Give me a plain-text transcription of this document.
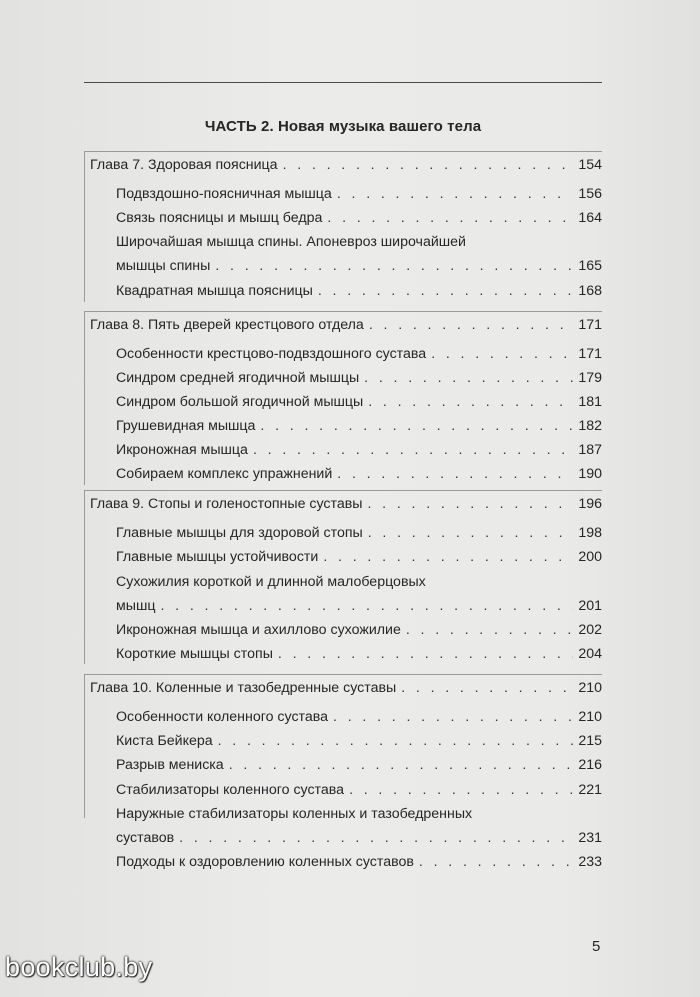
ЧАСТЬ 2. Новая музыка вашего тела
Глава 7. Здоровая поясница . . .	154
Подвздошно-поясничная мышца . . .	156
Связь поясницы и мышц бедра . . .	164
Широчайшая мышца спины. Апоневроз широчайшей
мышцы спины . . .	165
Квадратная мышца поясницы . . .	168
Глава 8. Пять дверей крестцового отдела . . .	171
Особенности крестцово-подвздошного сустава . . .	171
Синдром средней ягодичной мышцы . . .	179
Синдром большой ягодичной мышцы . . .	181
Грушевидная мышца . . .	182
Икроножная мышца . . .	187
Собираем комплекс упражнений . . .	190
Глава 9. Стопы и голеностопные суставы . . .	196
Главные мышцы для здоровой стопы . . .	198
Главные мышцы устойчивости . . .	200
Сухожилия короткой и длинной малоберцовых
мышц . . .	201
Икроножная мышца и ахиллово сухожилие . . .	202
Короткие мышцы стопы . . .	204
Глава 10. Коленные и тазобедренные суставы . . .	210
Особенности коленного сустава . . .	210
Киста Бейкера . . .	215
Разрыв мениска . . .	216
Стабилизаторы коленного сустава . . .	221
Наружные стабилизаторы коленных и тазобедренных
суставов . . .	231
Подходы к оздоровлению коленных суставов . . .	233
5
bookclub.by
